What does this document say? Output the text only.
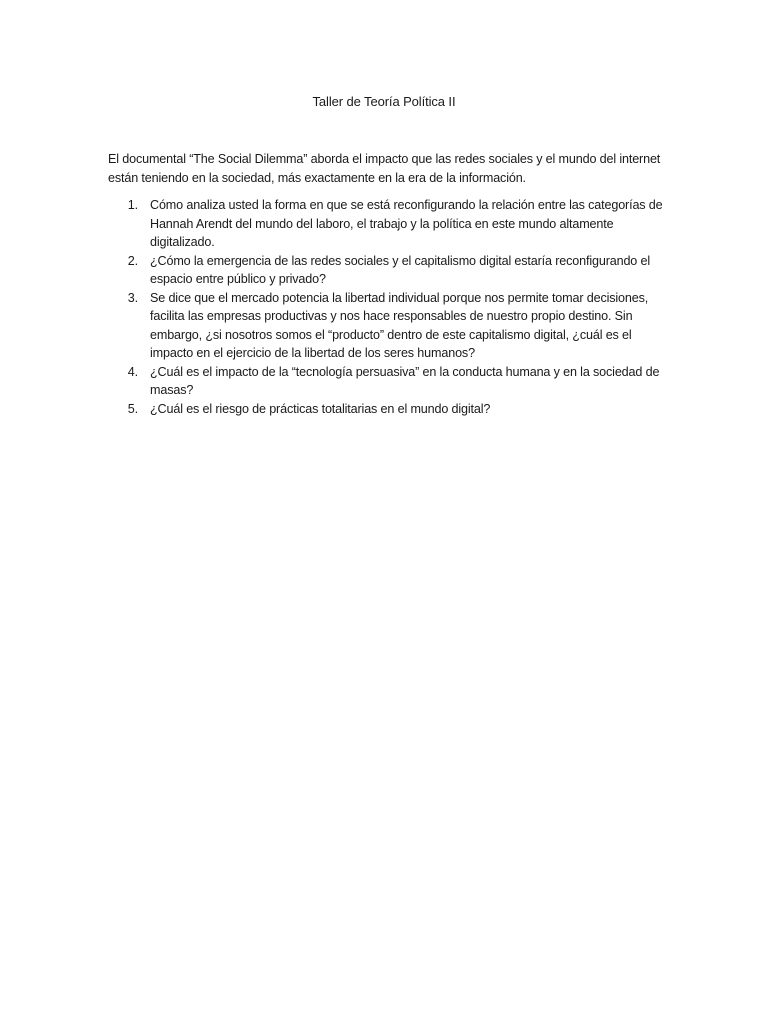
Taller de Teoría Política II

El documental “The Social Dilemma” aborda el impacto que las redes sociales y el mundo del internet están teniendo en la sociedad, más exactamente en la era de la información.

1. Cómo analiza usted la forma en que se está reconfigurando la relación entre las categorías de Hannah Arendt del mundo del laboro, el trabajo y la política en este mundo altamente digitalizado.
2. ¿Cómo la emergencia de las redes sociales y el capitalismo digital estaría reconfigurando el espacio entre público y privado?
3. Se dice que el mercado potencia la libertad individual porque nos permite tomar decisiones, facilita las empresas productivas y nos hace responsables de nuestro propio destino. Sin embargo, ¿si nosotros somos el “producto” dentro de este capitalismo digital, ¿cuál es el impacto en el ejercicio de la libertad de los seres humanos?
4. ¿Cuál es el impacto de la “tecnología persuasiva” en la conducta humana y en la sociedad de masas?
5. ¿Cuál es el riesgo de prácticas totalitarias en el mundo digital?
